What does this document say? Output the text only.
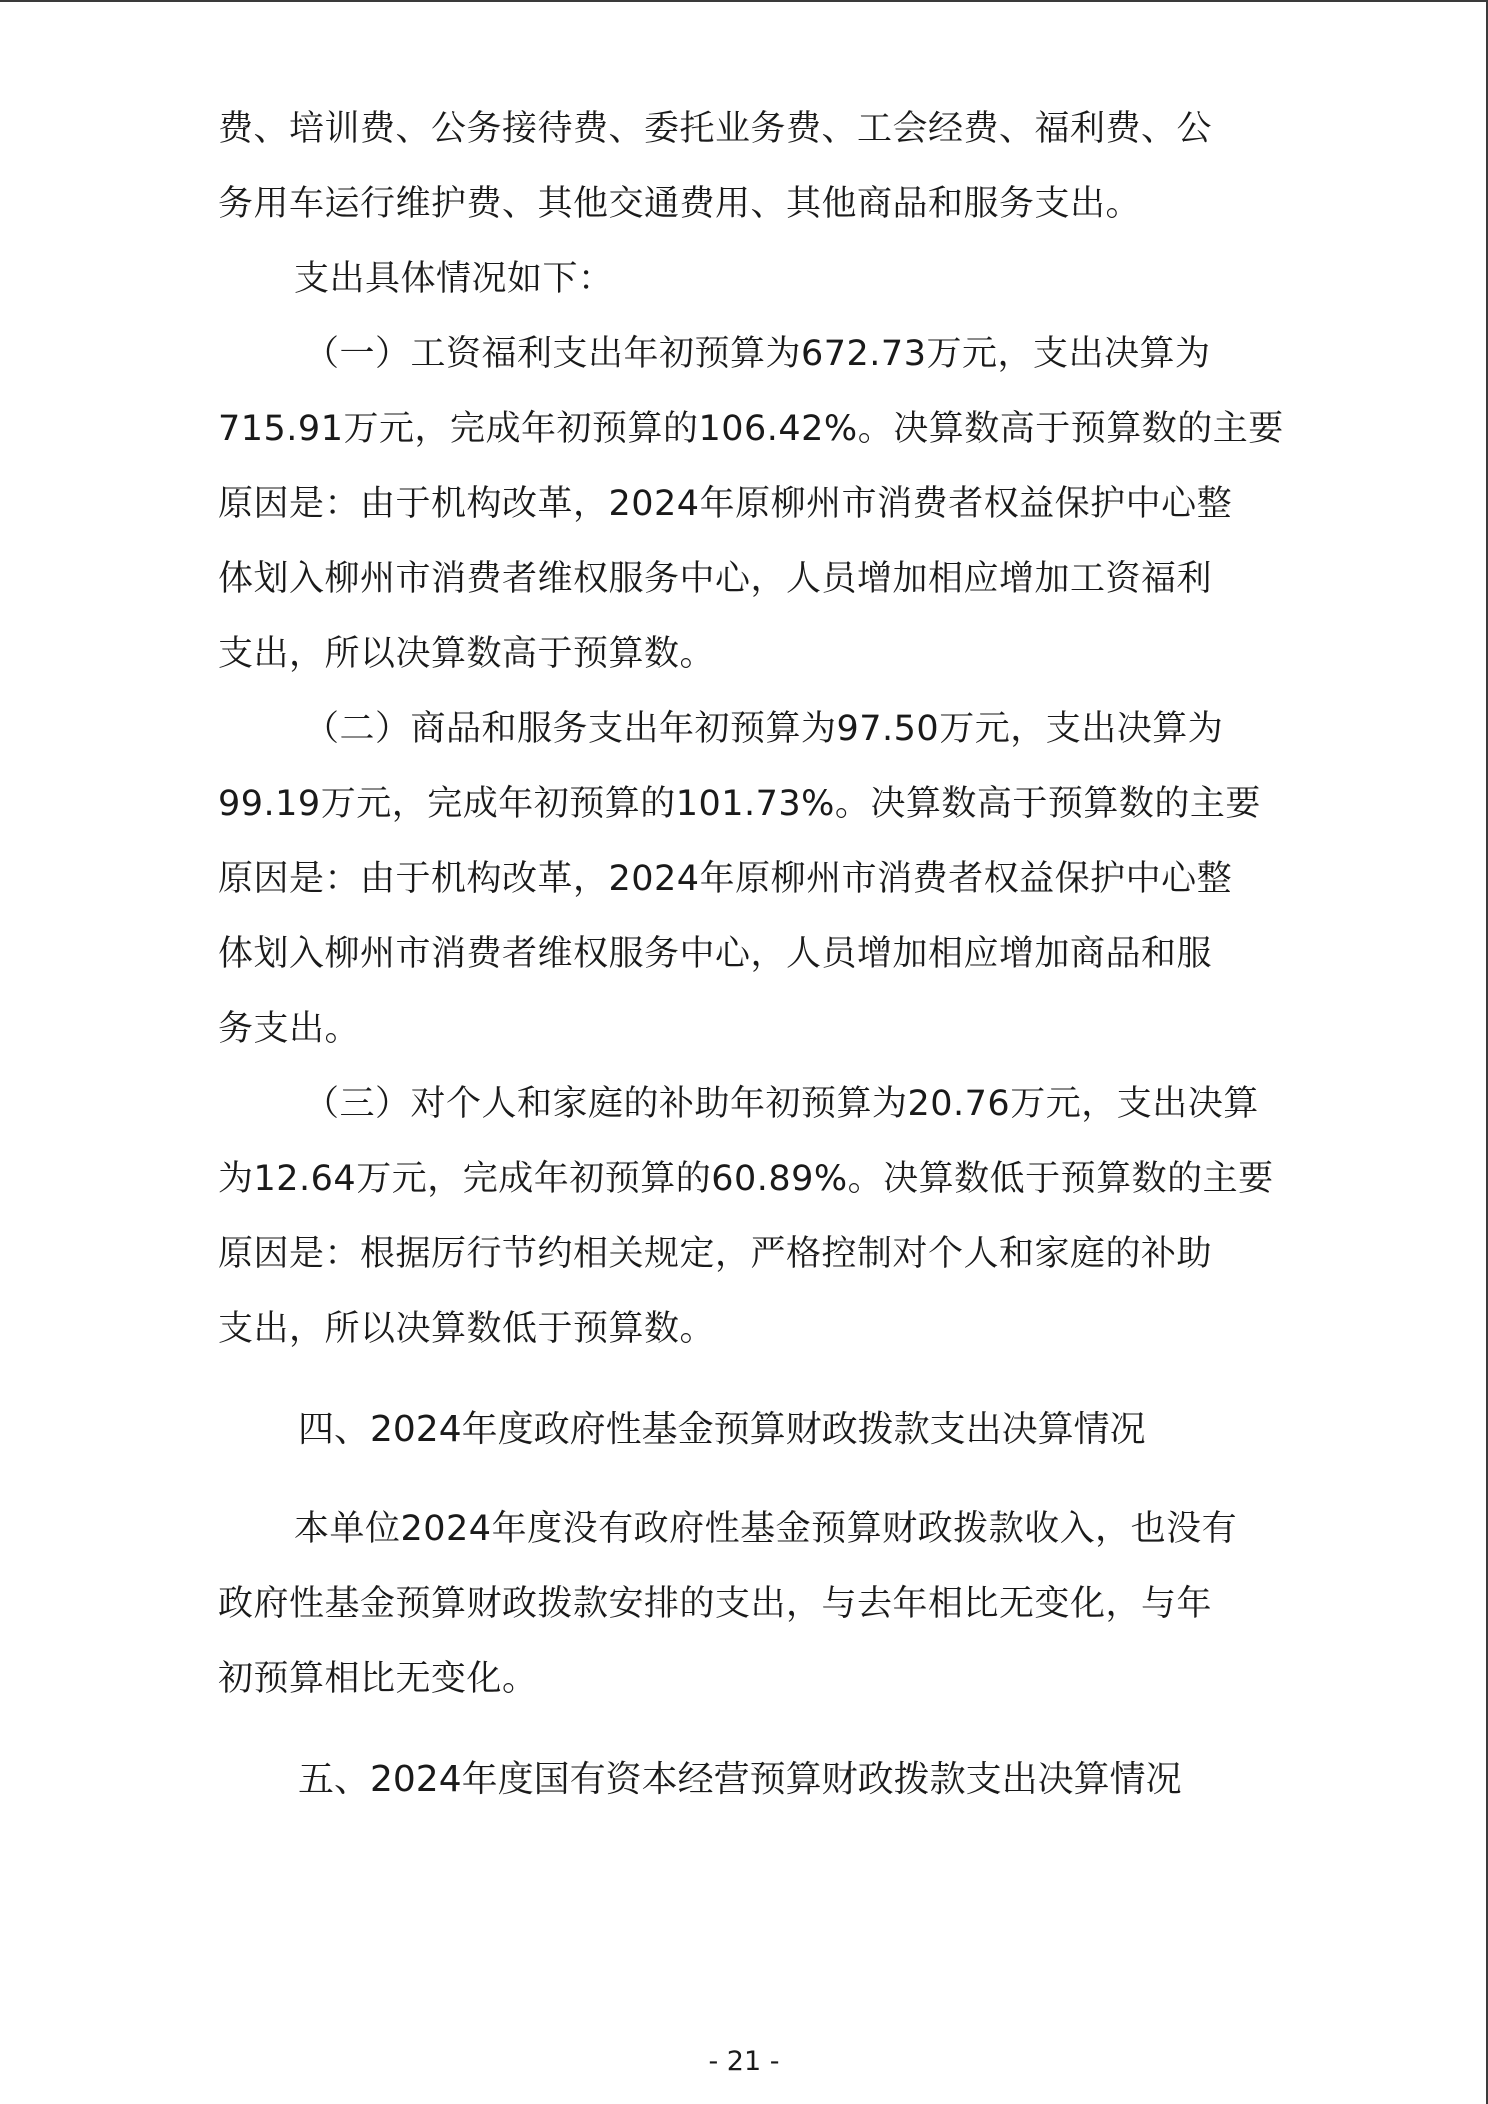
费、培训费、公务接待费、委托业务费、工会经费、福利费、公
务用车运行维护费、其他交通费用、其他商品和服务支出。
支出具体情况如下：
（一）工资福利支出年初预算为672.73万元，支出决算为
715.91万元，完成年初预算的106.42%。决算数高于预算数的主要
原因是：由于机构改革，2024年原柳州市消费者权益保护中心整
体划入柳州市消费者维权服务中心，人员增加相应增加工资福利
支出，所以决算数高于预算数。
（二）商品和服务支出年初预算为97.50万元，支出决算为
99.19万元，完成年初预算的101.73%。决算数高于预算数的主要
原因是：由于机构改革，2024年原柳州市消费者权益保护中心整
体划入柳州市消费者维权服务中心，人员增加相应增加商品和服
务支出。
（三）对个人和家庭的补助年初预算为20.76万元，支出决算
为12.64万元，完成年初预算的60.89%。决算数低于预算数的主要
原因是：根据厉行节约相关规定，严格控制对个人和家庭的补助
支出，所以决算数低于预算数。
四、2024年度政府性基金预算财政拨款支出决算情况
本单位2024年度没有政府性基金预算财政拨款收入，也没有
政府性基金预算财政拨款安排的支出，与去年相比无变化，与年
初预算相比无变化。
五、2024年度国有资本经营预算财政拨款支出决算情况
- 21 -
